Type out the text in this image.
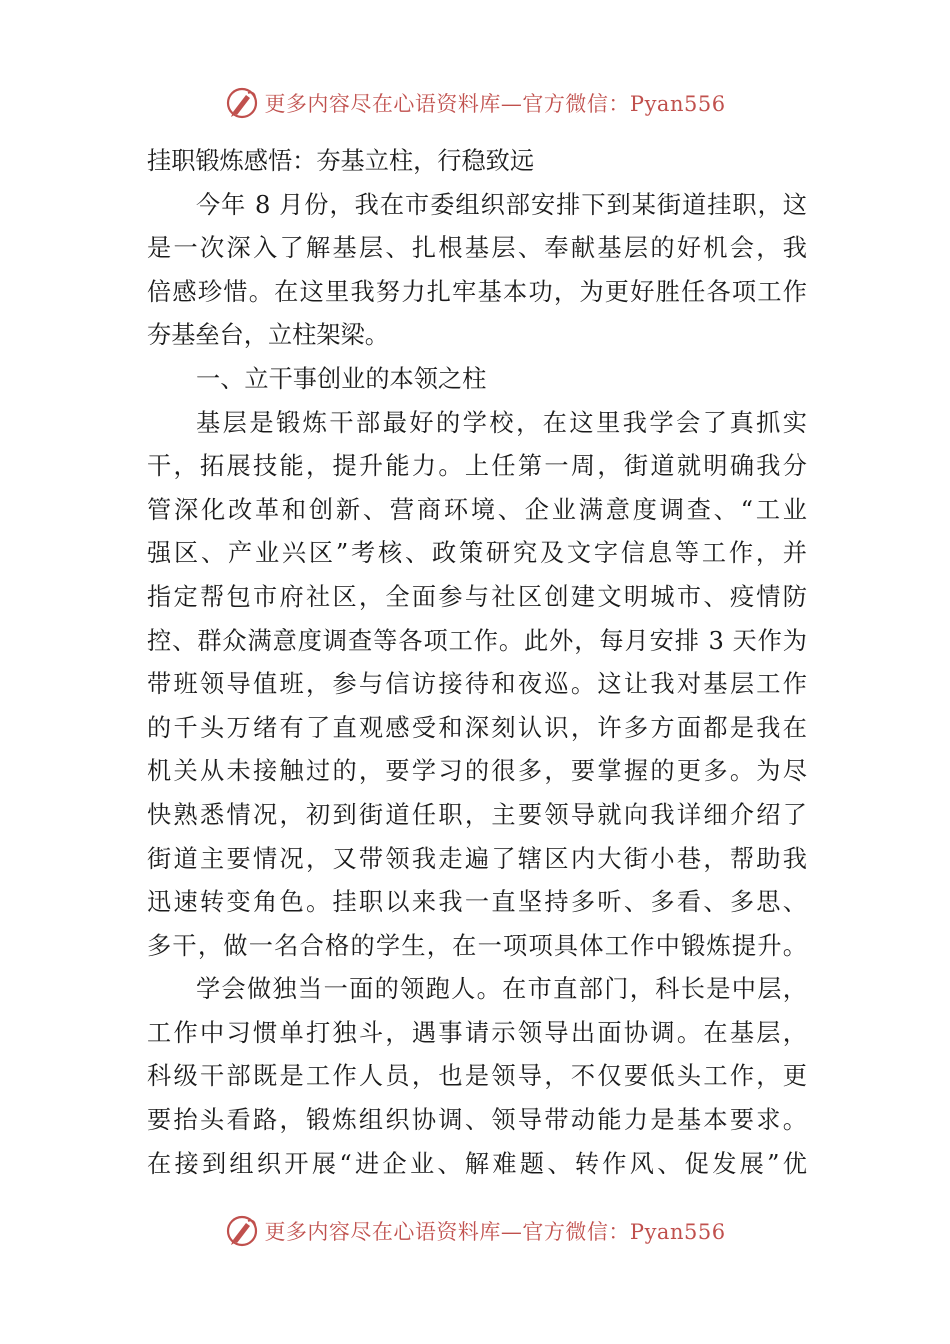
更多内容尽在心语资料库—官方微信：Pyan556
挂职锻炼感悟：夯基立柱，行稳致远
今年 8 月份，我在市委组织部安排下到某街道挂职，这
是一次深入了解基层、扎根基层、奉献基层的好机会，我
倍感珍惜。在这里我努力扎牢基本功，为更好胜任各项工作
夯基垒台，立柱架梁。
一、立干事创业的本领之柱
基层是锻炼干部最好的学校，在这里我学会了真抓实
干，拓展技能，提升能力。上任第一周，街道就明确我分
管深化改革和创新、营商环境、企业满意度调查、“工业
强区、产业兴区”考核、政策研究及文字信息等工作，并
指定帮包市府社区，全面参与社区创建文明城市、疫情防
控、群众满意度调查等各项工作。此外，每月安排 3 天作为
带班领导值班，参与信访接待和夜巡。这让我对基层工作
的千头万绪有了直观感受和深刻认识，许多方面都是我在
机关从未接触过的，要学习的很多，要掌握的更多。为尽
快熟悉情况，初到街道任职，主要领导就向我详细介绍了
街道主要情况，又带领我走遍了辖区内大街小巷，帮助我
迅速转变角色。挂职以来我一直坚持多听、多看、多思、
多干，做一名合格的学生，在一项项具体工作中锻炼提升。
学会做独当一面的领跑人。在市直部门，科长是中层，
工作中习惯单打独斗，遇事请示领导出面协调。在基层，
科级干部既是工作人员，也是领导，不仅要低头工作，更
要抬头看路，锻炼组织协调、领导带动能力是基本要求。
在接到组织开展“进企业、解难题、转作风、促发展”优
更多内容尽在心语资料库—官方微信：Pyan556
